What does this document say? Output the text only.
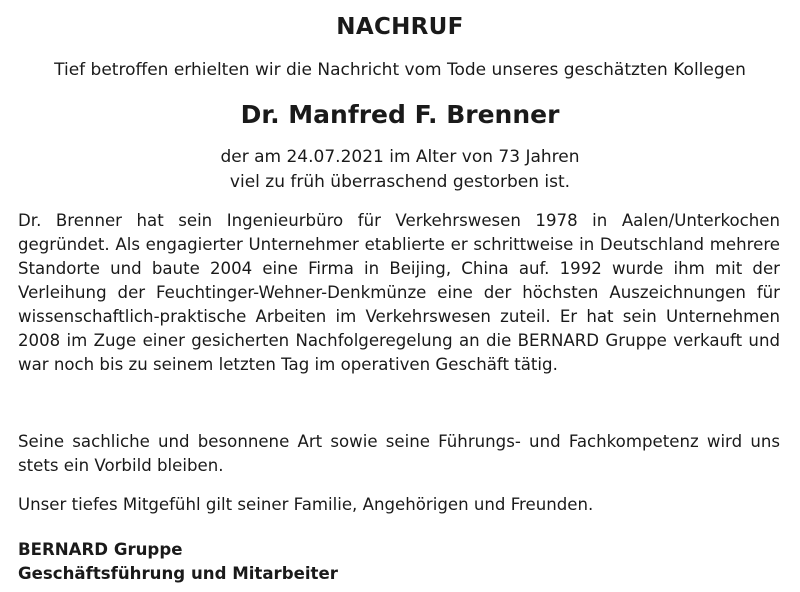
NACHRUF
Tief betroffen erhielten wir die Nachricht vom Tode unseres geschätzten Kollegen
Dr. Manfred F. Brenner
der am 24.07.2021 im Alter von 73 Jahren
viel zu früh überraschend gestorben ist.

Dr. Brenner hat sein Ingenieurbüro für Verkehrswesen 1978 in Aalen/Unterkochen gegründet. Als engagierter Unternehmer etablierte er schrittweise in Deutschland mehrere Standorte und baute 2004 eine Firma in Beijing, China auf. 1992 wurde ihm mit der Verleihung der Feuchtinger-Wehner-Denkmünze eine der höchsten Auszeichnungen für wissenschaftlich-praktische Arbeiten im Verkehrswesen zuteil. Er hat sein Unternehmen 2008 im Zuge einer gesicherten Nachfolgeregelung an die BERNARD Gruppe verkauft und war noch bis zu seinem letzten Tag im operativen Geschäft tätig.

Seine sachliche und besonnene Art sowie seine Führungs- und Fachkompetenz wird uns stets ein Vorbild bleiben.

Unser tiefes Mitgefühl gilt seiner Familie, Angehörigen und Freunden.

BERNARD Gruppe
Geschäftsführung und Mitarbeiter
